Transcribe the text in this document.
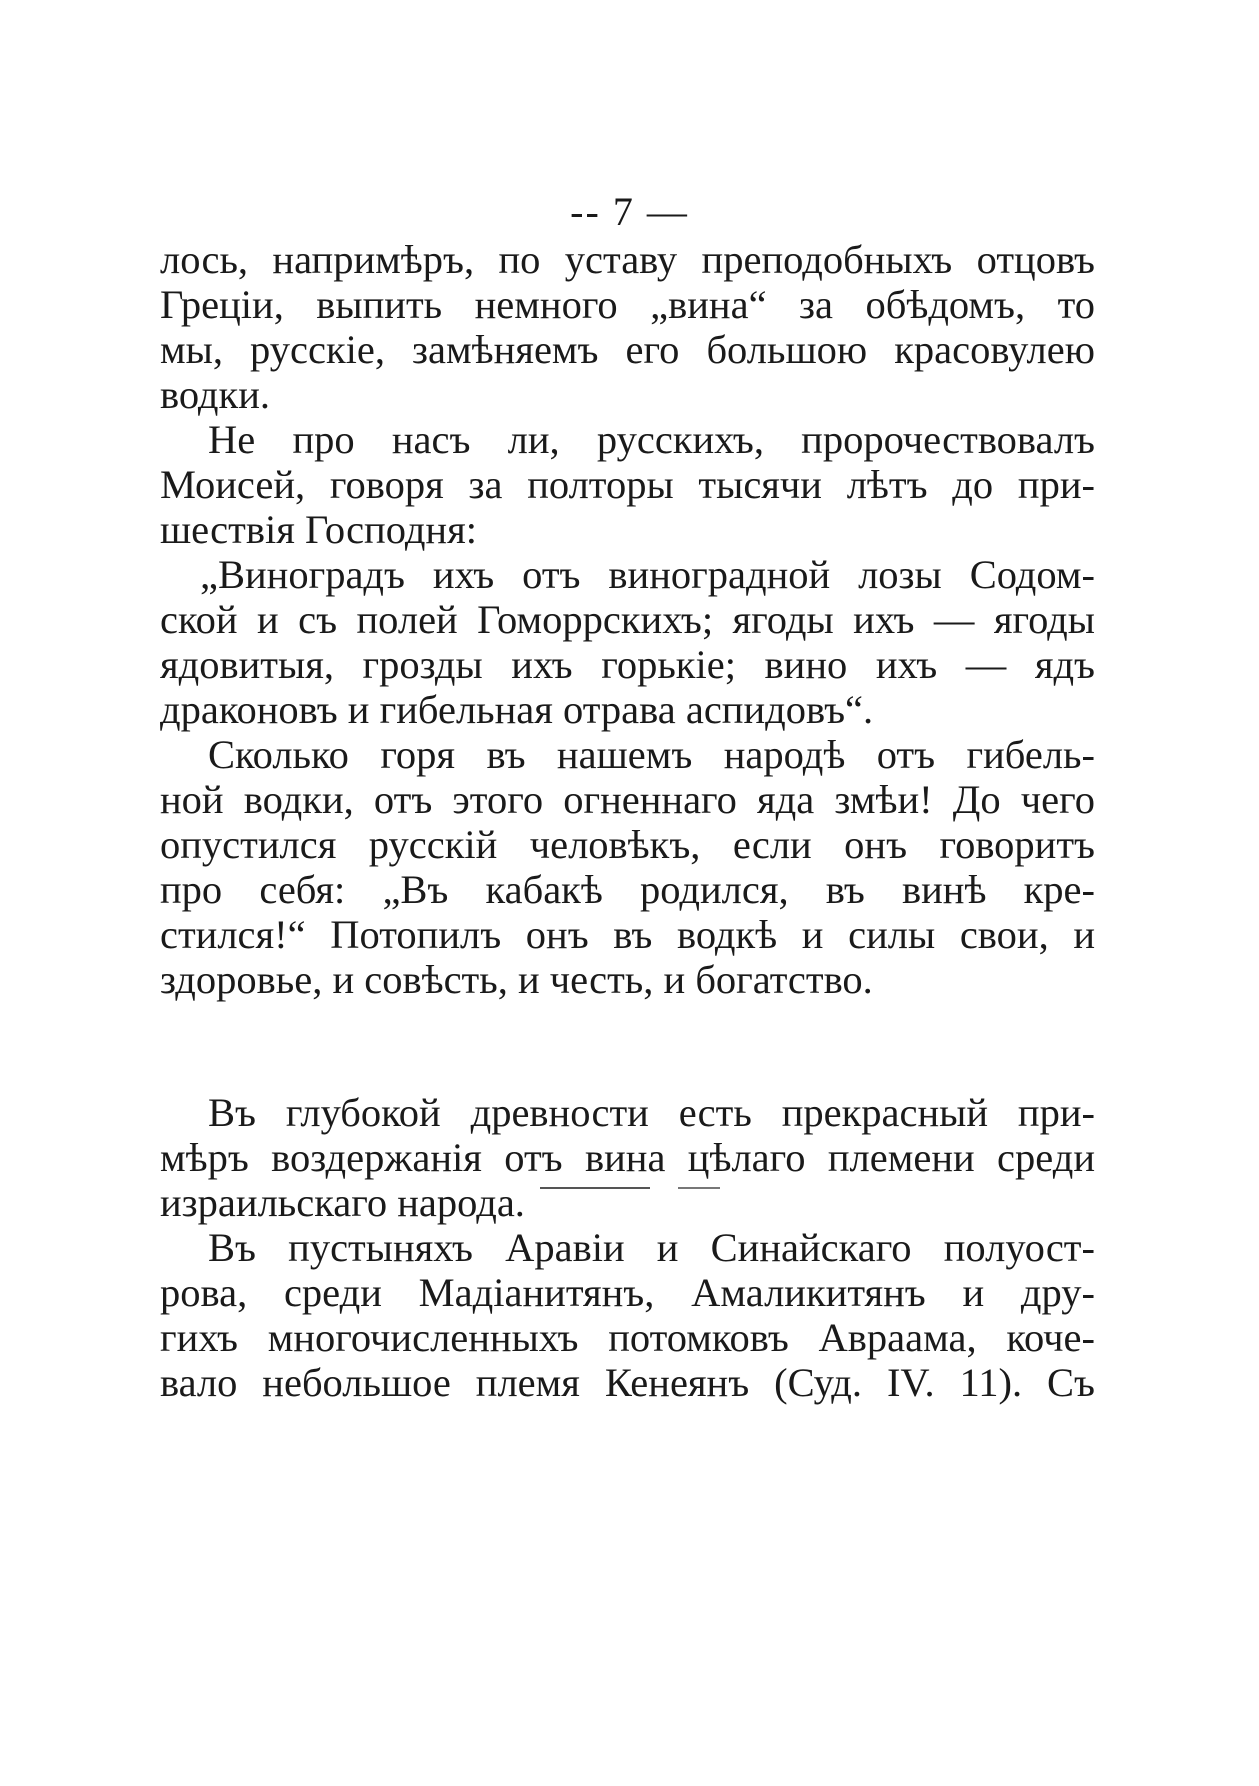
-- 7 —
лось, напримѣръ, по уставу преподобныхъ отцовъ
Греціи, выпить немного „вина“ за обѣдомъ, то
мы, русскіе, замѣняемъ его большою красовулею
водки.
Не про насъ ли, русскихъ, пророчествовалъ
Моисей, говоря за полторы тысячи лѣтъ до при-
шествія Господня:
„Виноградъ ихъ отъ виноградной лозы Содом-
ской и съ полей Гоморрскихъ; ягоды ихъ — ягоды
ядовитыя, грозды ихъ горькіе; вино ихъ — ядъ
драконовъ и гибельная отрава аспидовъ“.
Сколько горя въ нашемъ народѣ отъ гибель-
ной водки, отъ этого огненнаго яда змѣи! До чего
опустился русскій человѣкъ, если онъ говоритъ
про себя: „Въ кабакѣ родился, въ винѣ кре-
стился!“ Потопилъ онъ въ водкѣ и силы свои, и
здоровье, и совѣсть, и честь, и богатство.
Въ глубокой древности есть прекрасный при-
мѣръ воздержанія отъ вина цѣлаго племени среди
израильскаго народа.
Въ пустыняхъ Аравіи и Синайскаго полуост-
рова, среди Мадіанитянъ, Амаликитянъ и дру-
гихъ многочисленныхъ потомковъ Авраама, коче-
вало небольшое племя Кенеянъ (Суд. IV. 11). Съ
